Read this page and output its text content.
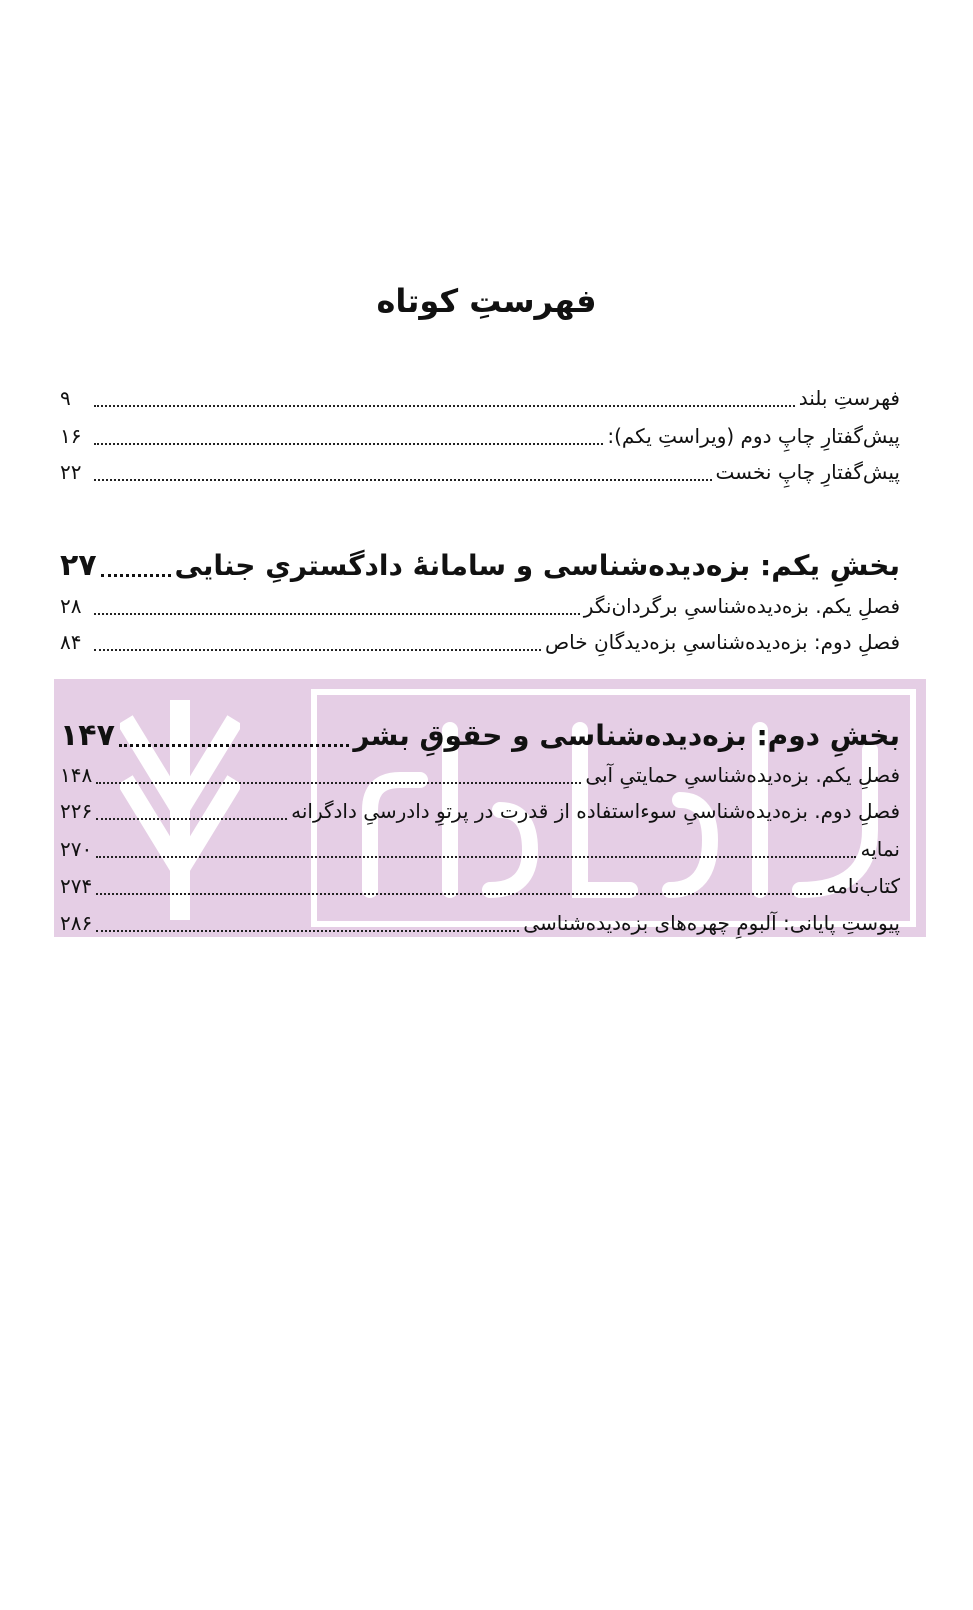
فهرستِ کوتاه
فهرستِ بلند
۹
پیش‌گفتارِ چاپِ دوم (ویراستِ یکم):
۱۶
پیش‌گفتارِ چاپِ نخست
۲۲
بخشِ یکم: بزه‌دیده‌شناسی و سامانهٔ دادگستریِ جنایی
۲۷
فصلِ یکم. بزه‌دیده‌شناسیِ برگردان‌نگر
۲۸
فصلِ دوم: بزه‌دیده‌شناسیِ بزه‌دیدگانِ خاص
۸۴
بخشِ دوم: بزه‌دیده‌شناسی و حقوقِ بشر
۱۴۷
فصلِ یکم. بزه‌دیده‌شناسیِ حمایتیِ آبی
۱۴۸
فصلِ دوم. بزه‌دیده‌شناسیِ سوءاستفاده از قدرت در پرتوِ دادرسیِ دادگرانه
۲۲۶
نمایه
۲۷۰
کتاب‌نامه
۲۷۴
پیوستِ پایانی: آلبومِ چهره‌های بزه‌دیده‌شناسی
۲۸۶
